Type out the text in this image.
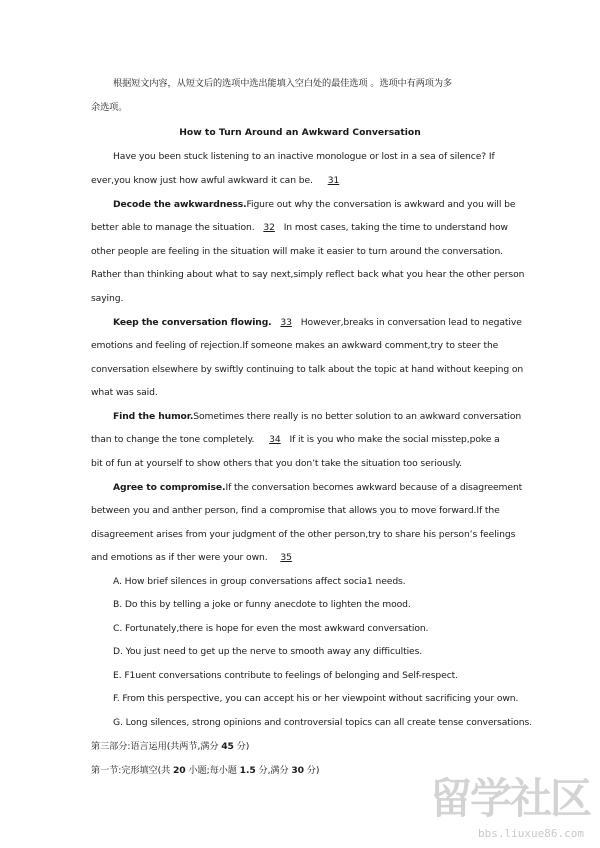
根据短文内容，从短文后的选项中选出能填入空白处的最佳选项 。选项中有两项为多
余选项。
How to Turn Around an Awkward Conversation
Have you been stuck listening to an inactive monologue or lost in a sea of silence? If
ever,you know just how awful awkward it can be. 31
Decode the awkwardness.Figure out why the conversation is awkward and you will be
better able to manage the situation. 32 In most cases, taking the time to understand how
other people are feeling in the situation will make it easier to turn around the conversation.
Rather than thinking about what to say next,simply reflect back what you hear the other person
saying.
Keep the conversation flowing. 33 However,breaks in conversation lead to negative
emotions and feeling of rejection.If someone makes an awkward comment,try to steer the
conversation elsewhere by swiftly continuing to talk about the topic at hand without keeping on
what was said.
Find the humor.Sometimes there really is no better solution to an awkward conversation
than to change the tone completely. 34 If it is you who make the social misstep,poke a
bit of fun at yourself to show others that you don’t take the situation too seriously.
Agree to compromise.If the conversation becomes awkward because of a disagreement
between you and anther person, find a compromise that allows you to move forward.If the
disagreement arises from your judgment of the other person,try to share his person’s feelings
and emotions as if ther were your own. 35
A. How brief silences in group conversations affect socia1 needs.
B. Do this by telling a joke or funny anecdote to lighten the mood.
C. Fortunately,there is hope for even the most awkward conversation.
D. You just need to get up the nerve to smooth away any difficulties.
E. F1uent conversations contribute to feelings of belonging and Self-respect.
F. From this perspective, you can accept his or her viewpoint without sacrificing your own.
G. Long silences, strong opinions and controversial topics can all create tense conversations.
第三部分:语言运用(共两节,满分 45 分)
第一节:完形填空(共 20 小题;每小题 1.5 分,满分 30 分)
留学社区
bbs.liuxue86.com
